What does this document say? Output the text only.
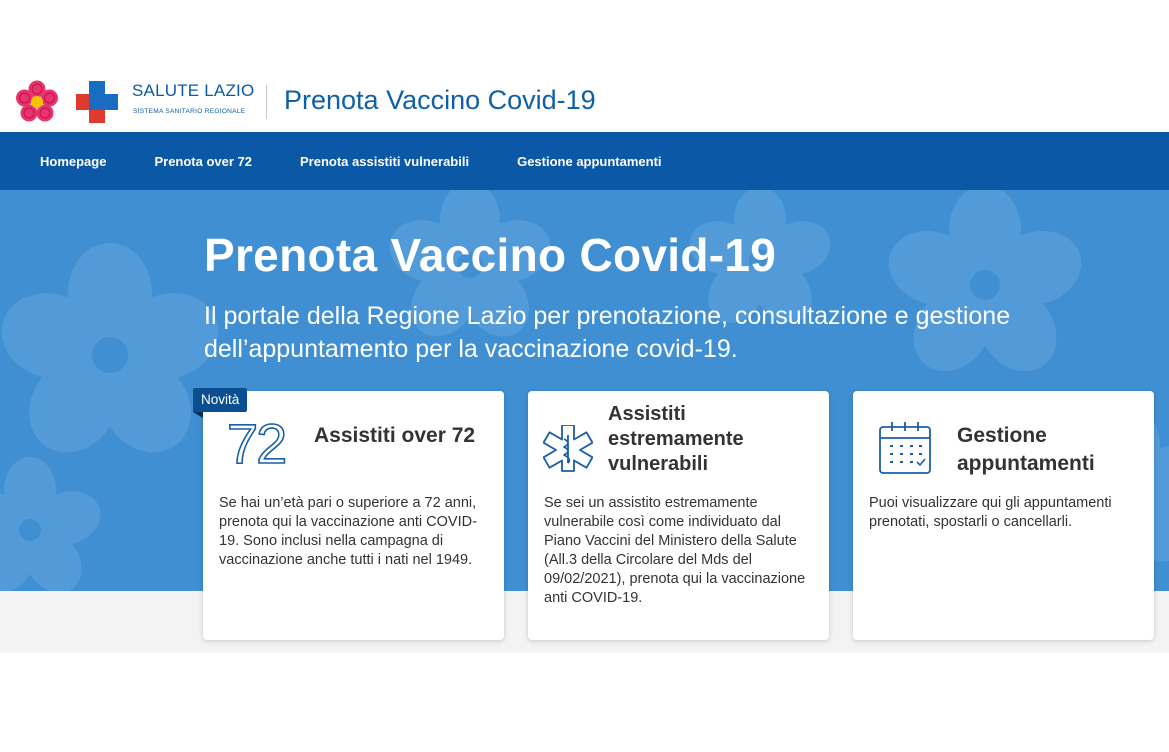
SALUTE LAZIO
SISTEMA SANITARIO REGIONALE Prenota Vaccino Covid-19
Homepage	Prenota over 72	Prenota assistiti vulnerabili	Gestione appuntamenti
Prenota Vaccino Covid-19

Il portale della Regione Lazio per prenotazione, consultazione e gestione dell’appuntamento per la vaccinazione covid-19.

72 Assistiti over 72
Se hai un’età pari o superiore a 72 anni, prenota qui la vaccinazione anti COVID-19. Sono inclusi nella campagna di vaccinazione anche tutti i nati nel 1949.
Novità
Assistiti estremamente vulnerabili
Se sei un assistito estremamente vulnerabile così come individuato dal Piano Vaccini del Ministero della Salute (All.3 della Circolare del Mds del 09/02/2021), prenota qui la vaccinazione anti COVID-19.
Gestione appuntamenti
Puoi visualizzare qui gli appuntamenti prenotati, spostarli o cancellarli.
